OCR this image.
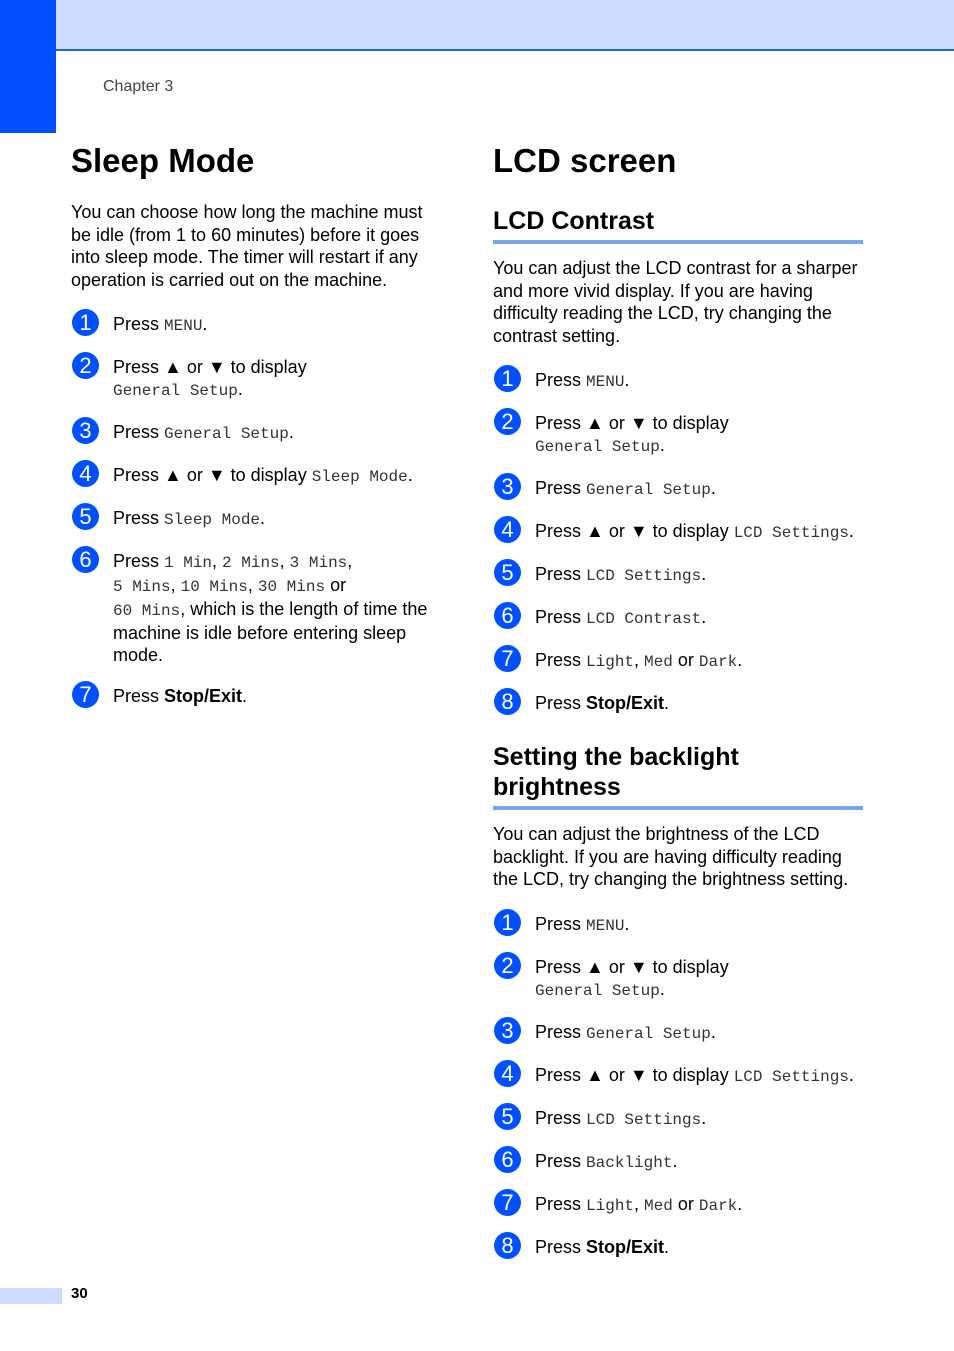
Chapter 3
Sleep Mode

You can choose how long the machine must be idle (from 1 to 60 minutes) before it goes into sleep mode. The timer will restart if any operation is carried out on the machine.

1	Press MENU.
2	Press ▲ or ▼ to display
General Setup.
3	Press General Setup.
4	Press ▲ or ▼ to display Sleep Mode.
5	Press Sleep Mode.
6	Press 1 Min, 2 Mins, 3 Mins,
5 Mins, 10 Mins, 30 Mins or
60 Mins, which is the length of time the machine is idle before entering sleep mode.
7	Press Stop/Exit.
LCD screen
LCD Contrast

You can adjust the LCD contrast for a sharper and more vivid display. If you are having difficulty reading the LCD, try changing the contrast setting.

1	Press MENU.
2	Press ▲ or ▼ to display
General Setup.
3	Press General Setup.
4	Press ▲ or ▼ to display LCD Settings.
5	Press LCD Settings.
6	Press LCD Contrast.
7	Press Light, Med or Dark.
8	Press Stop/Exit.
Setting the backlight
brightness

You can adjust the brightness of the LCD backlight. If you are having difficulty reading the LCD, try changing the brightness setting.

1	Press MENU.
2	Press ▲ or ▼ to display
General Setup.
3	Press General Setup.
4	Press ▲ or ▼ to display LCD Settings.
5	Press LCD Settings.
6	Press Backlight.
7	Press Light, Med or Dark.
8	Press Stop/Exit.
30
